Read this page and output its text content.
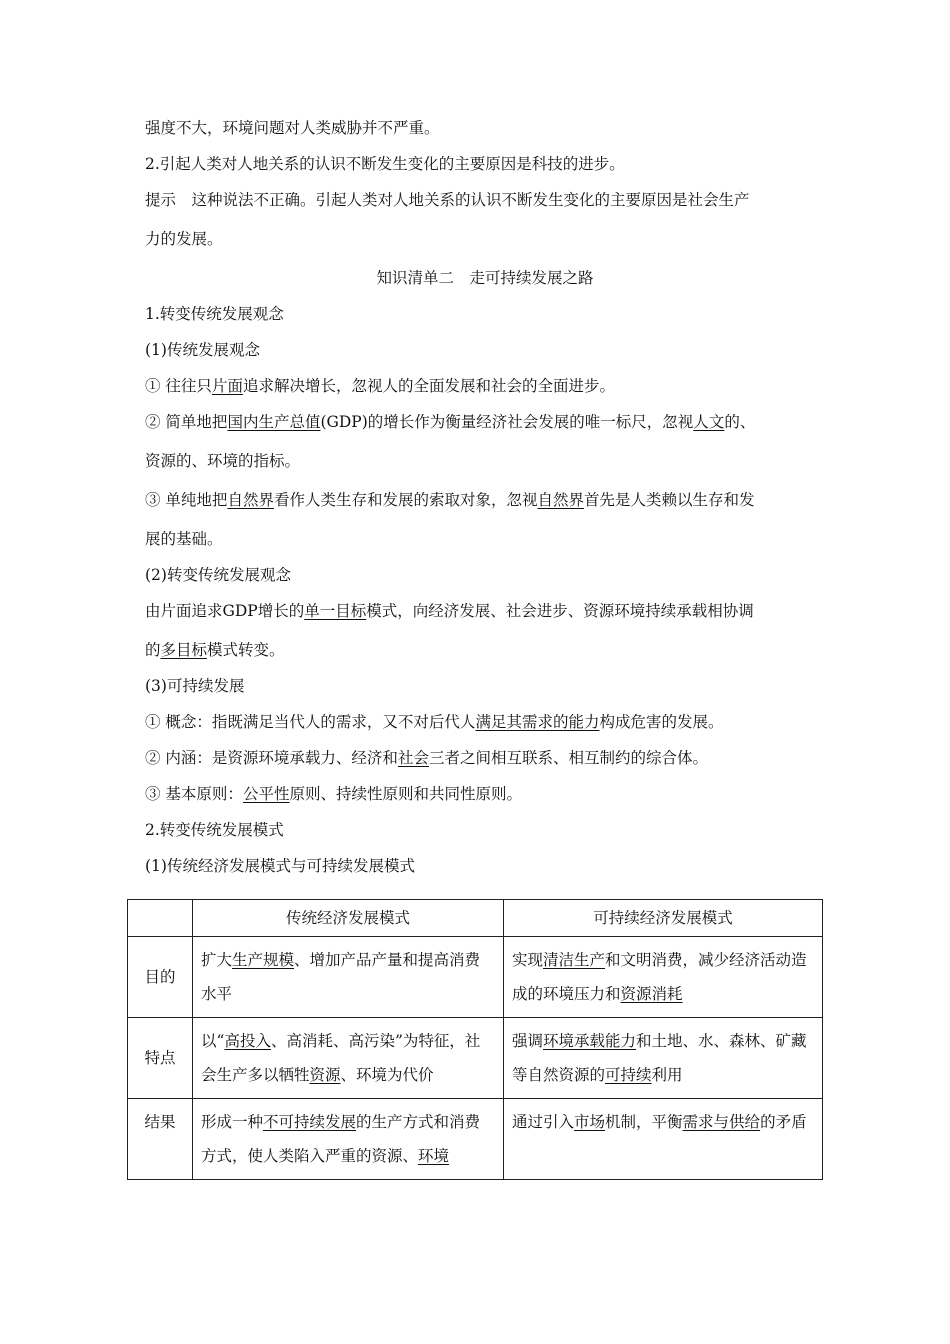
强度不大，环境问题对人类威胁并不严重。

2.引起人类对人地关系的认识不断发生变化的主要原因是科技的进步。

提示　这种说法不正确。引起人类对人地关系的认识不断发生变化的主要原因是社会生产

力的发展。

知识清单二　走可持续发展之路

1.转变传统发展观念

(1)传统发展观念

① 往往只片面追求解决增长，忽视人的全面发展和社会的全面进步。

② 简单地把国内生产总值(GDP)的增长作为衡量经济社会发展的唯一标尺，忽视人文的、

资源的、环境的指标。

③ 单纯地把自然界看作人类生存和发展的索取对象，忽视自然界首先是人类赖以生存和发

展的基础。

(2)转变传统发展观念

由片面追求GDP增长的单一目标模式，向经济发展、社会进步、资源环境持续承载相协调

的多目标模式转变。

(3)可持续发展

① 概念：指既满足当代人的需求，又不对后代人满足其需求的能力构成危害的发展。

② 内涵：是资源环境承载力、经济和社会三者之间相互联系、相互制约的综合体。

③ 基本原则：公平性原则、持续性原则和共同性原则。

2.转变传统发展模式

(1)传统经济发展模式与可持续发展模式

	传统经济发展模式	可持续经济发展模式
目的	扩大生产规模、增加产品产量和提高消费水平	实现清洁生产和文明消费，减少经济活动造成的环境压力和资源消耗
特点	以“高投入、高消耗、高污染”为特征，社会生产多以牺牲资源、环境为代价	强调环境承载能力和土地、水、森林、矿藏等自然资源的可持续利用
结果	形成一种不可持续发展的生产方式和消费方式，使人类陷入严重的资源、环境	通过引入市场机制，平衡需求与供给的矛盾
